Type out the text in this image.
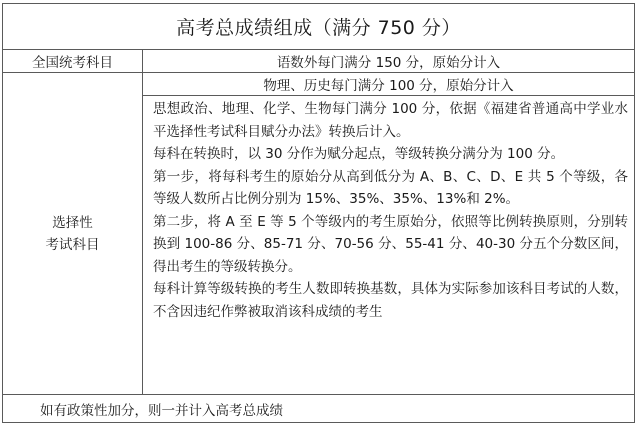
高考总成绩组成（满分 750 分）	
全国统考科目	语数外每门满分 150 分，原始分计入

选择性
考试科目	物理、历史每门满分 100 分，原始分计入

	思想政治、地理、化学、生物每门满分 100 分，依据《福建省普通高中学业水平选择性考试科目赋分办法》转换后计入。

每科在转换时，以 30 分作为赋分起点，等级转换分满分为 100 分。

第一步，将每科考生的原始分从高到低分为 A、B、C、D、E 共 5 个等级，各等级人数所占比例分别为 15%、35%、35%、13%和 2%。

第二步，将 A 至 E 等 5 个等级内的考生原始分，依照等比例转换原则，分别转换到 100-86 分、85-71 分、70-56 分、55-41 分、40-30 分五个分数区间，得出考生的等级转换分。

每科计算等级转换的考生人数即转换基数，具体为实际参加该科目考试的人数，不含因违纪作弊被取消该科成绩的考生

如有政策性加分，则一并计入高考总成绩	
